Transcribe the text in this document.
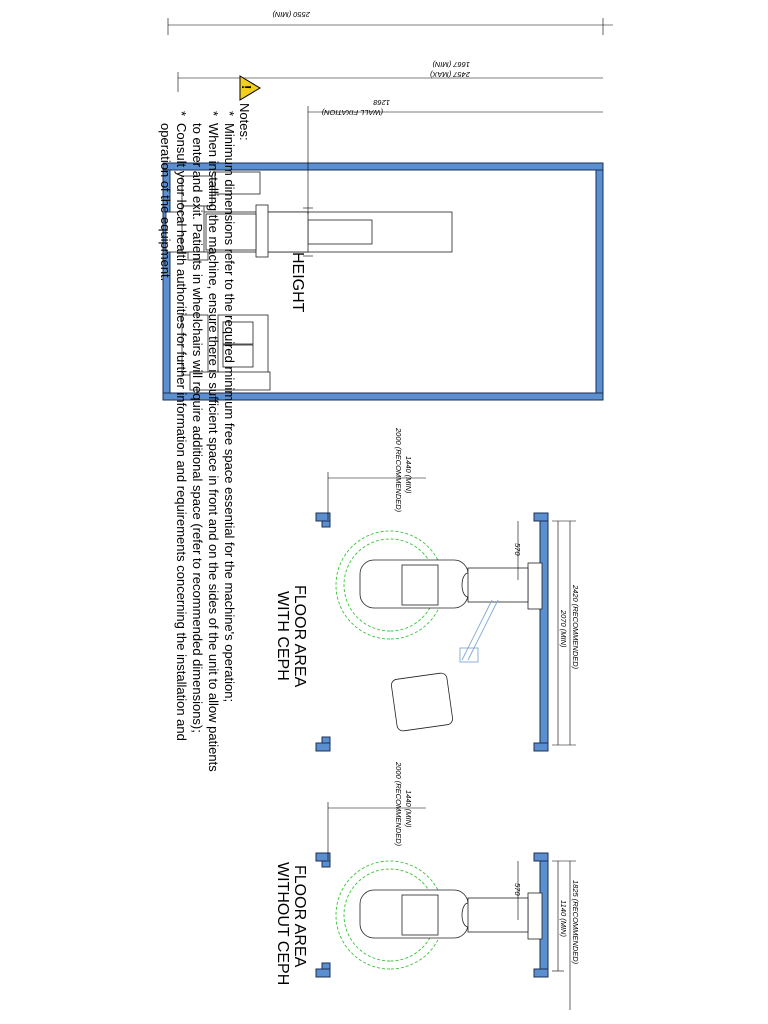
2550 (MIN)
1667 (MIN)
2457 (MAX)
1268
(WALL FIXATION)
HEIGHT
2070 (MIN) 2420 (RECOMMENDED)
570
1440 (MIN)
2000 (RECOMMENDED)
FLOOR AREA
WITH CEPH
1140 (MIN) 1825 (RECOMMENDED)
570
1440 (MIN)
2000 (RECOMMENDED)
FLOOR AREA
WITHOUT CEPH
!
Notes:
*
Minimum dimensions refer to the required minimum free space essential for the machine's operation;
*
When installing the machine, ensure there is sufficient space in front and on the sides of the unit to allow patients
to enter and exit. Patients in wheelchairs will require additional space (refer to recommended dimensions);
*
Consult your local health authorities for further information and requirements concerning the installation and
operation of the equipment.
